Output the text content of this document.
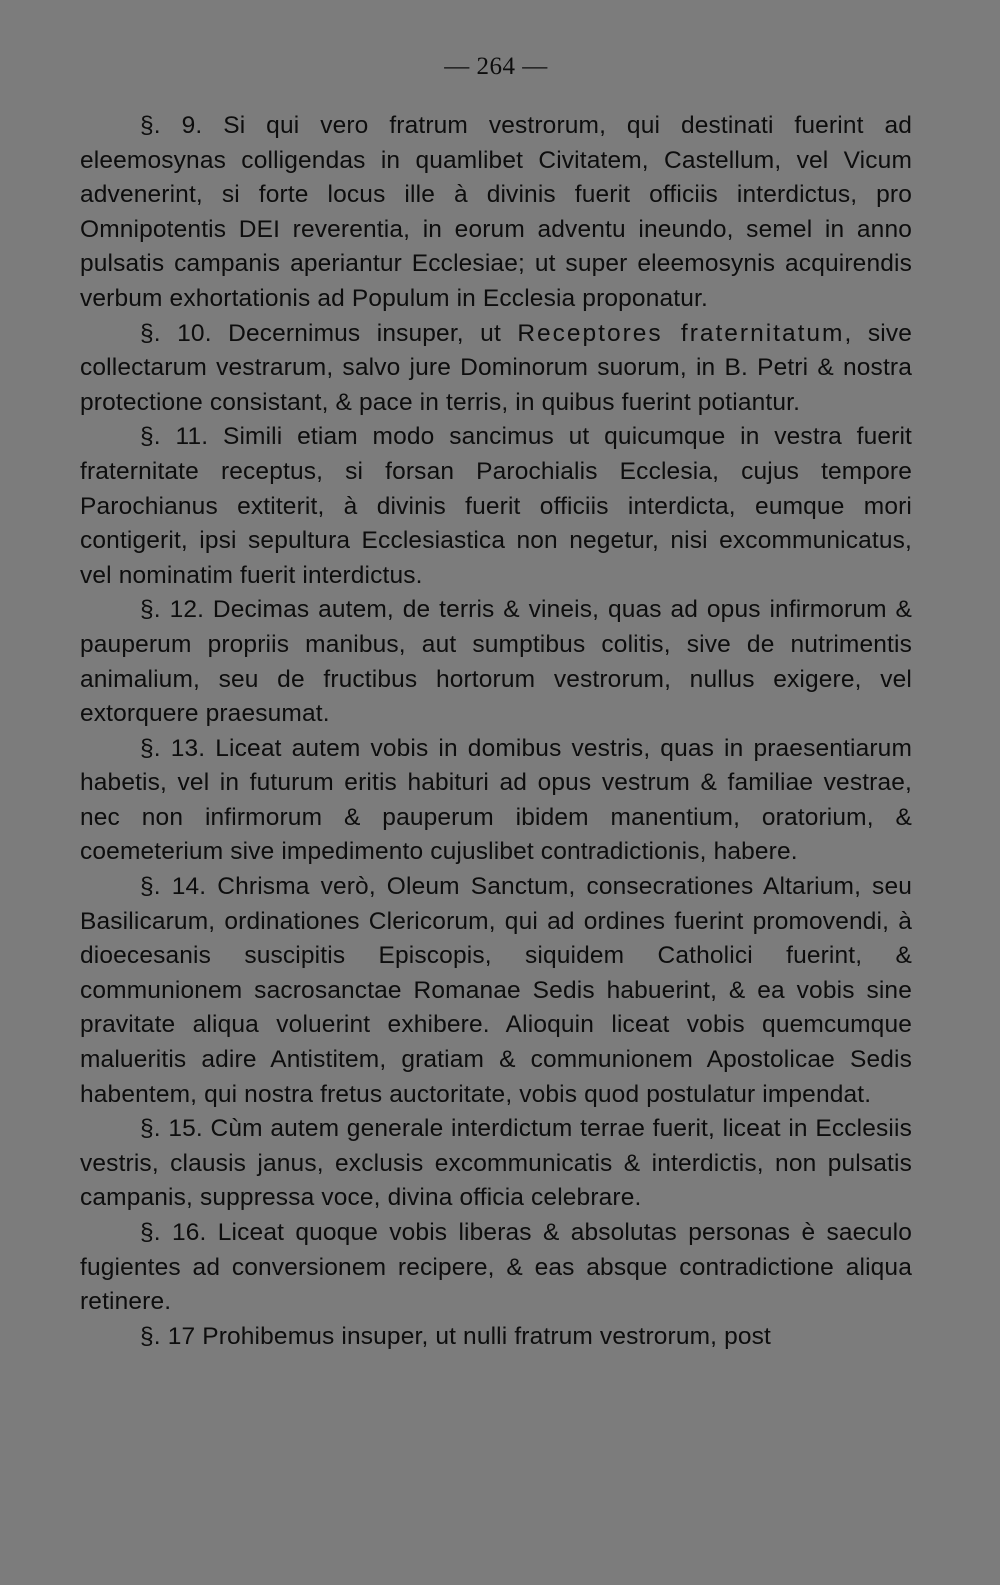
— 264 —

§. 9. Si qui vero fratrum vestrorum, qui destinati fuerint ad eleemosynas colligendas in quamlibet Civitatem, Castellum, vel Vicum advenerint, si forte locus ille à divinis fuerit officiis interdictus, pro Omnipotentis DEI reverentia, in eorum adventu ineundo, semel in anno pulsatis campanis aperiantur Ecclesiae; ut super eleemosynis acquirendis verbum exhortationis ad Populum in Ecclesia proponatur.

§. 10. Decernimus insuper, ut Receptores fraternitatum, sive collectarum vestrarum, salvo jure Dominorum suorum, in B. Petri & nostra protectione consistant, & pace in terris, in quibus fuerint potiantur.

§. 11. Simili etiam modo sancimus ut quicumque in vestra fuerit fraternitate receptus, si forsan Parochialis Ecclesia, cujus tempore Parochianus extiterit, à divinis fuerit officiis interdicta, eumque mori contigerit, ipsi sepultura Ecclesiastica non negetur, nisi excommunicatus, vel nominatim fuerit interdictus.

§. 12. Decimas autem, de terris & vineis, quas ad opus infirmorum & pauperum propriis manibus, aut sumptibus colitis, sive de nutrimentis animalium, seu de fructibus hortorum vestrorum, nullus exigere, vel extorquere praesumat.

§. 13. Liceat autem vobis in domibus vestris, quas in praesentiarum habetis, vel in futurum eritis habituri ad opus vestrum & familiae vestrae, nec non infirmorum & pauperum ibidem manentium, oratorium, & coemeterium sive impedimento cujuslibet contradictionis, habere.

§. 14. Chrisma verò, Oleum Sanctum, consecrationes Altarium, seu Basilicarum, ordinationes Clericorum, qui ad ordines fuerint promovendi, à dioecesanis suscipitis Episcopis, siquidem Catholici fuerint, & communionem sacrosanctae Romanae Sedis habuerint, & ea vobis sine pravitate aliqua voluerint exhibere. Alioquin liceat vobis quemcumque malueritis adire Antistitem, gratiam & communionem Apostolicae Sedis habentem, qui nostra fretus auctoritate, vobis quod postulatur impendat.

§. 15. Cùm autem generale interdictum terrae fuerit, liceat in Ecclesiis vestris, clausis janus, exclusis excommunicatis & interdictis, non pulsatis campanis, suppressa voce, divina officia celebrare.

§. 16. Liceat quoque vobis liberas & absolutas personas è saeculo fugientes ad conversionem recipere, & eas absque contradictione aliqua retinere.

§. 17 Prohibemus insuper, ut nulli fratrum vestrorum, post
